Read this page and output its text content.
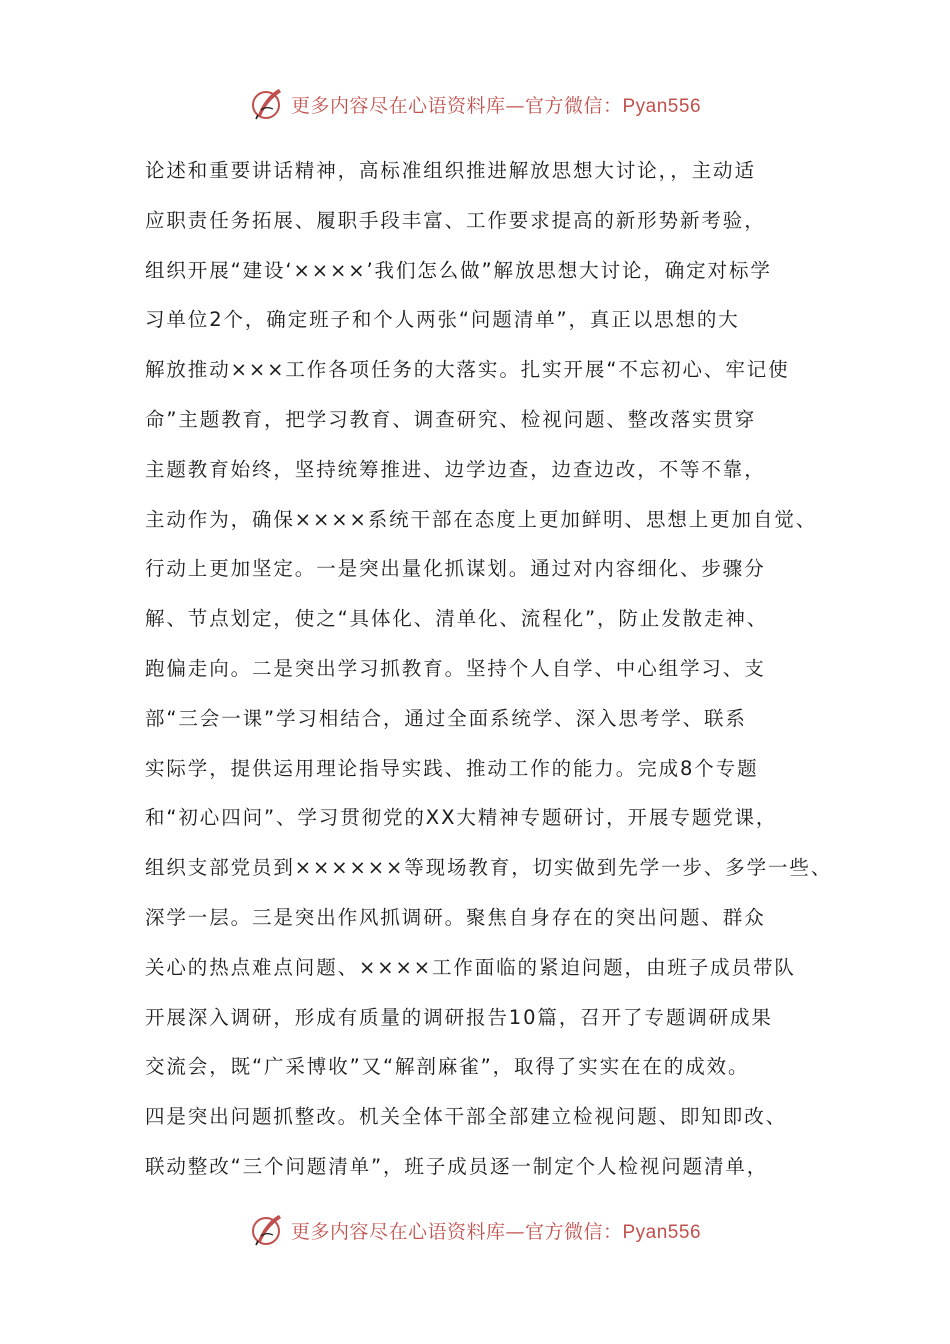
更多内容尽在心语资料库—官方微信：Pyan556
论述和重要讲话精神，高标准组织推进解放思想大讨论，，主动适
应职责任务拓展、履职手段丰富、工作要求提高的新形势新考验，
组织开展“建设‘××××’我们怎么做”解放思想大讨论，确定对标学
习单位2个，确定班子和个人两张“问题清单”，真正以思想的大
解放推动×××工作各项任务的大落实。扎实开展“不忘初心、牢记使
命”主题教育，把学习教育、调查研究、检视问题、整改落实贯穿
主题教育始终，坚持统筹推进、边学边查，边查边改，不等不靠，
主动作为，确保××××系统干部在态度上更加鲜明、思想上更加自觉、
行动上更加坚定。一是突出量化抓谋划。通过对内容细化、步骤分
解、节点划定，使之“具体化、清单化、流程化”，防止发散走神、
跑偏走向。二是突出学习抓教育。坚持个人自学、中心组学习、支
部“三会一课”学习相结合，通过全面系统学、深入思考学、联系
实际学，提供运用理论指导实践、推动工作的能力。完成8个专题
和“初心四问”、学习贯彻党的XX大精神专题研讨，开展专题党课，
组织支部党员到××××××等现场教育，切实做到先学一步、多学一些、
深学一层。三是突出作风抓调研。聚焦自身存在的突出问题、群众
关心的热点难点问题、××××工作面临的紧迫问题，由班子成员带队
开展深入调研，形成有质量的调研报告10篇，召开了专题调研成果
交流会，既“广采博收”又“解剖麻雀”，取得了实实在在的成效。
四是突出问题抓整改。机关全体干部全部建立检视问题、即知即改、
联动整改“三个问题清单”，班子成员逐一制定个人检视问题清单，
更多内容尽在心语资料库—官方微信：Pyan556
